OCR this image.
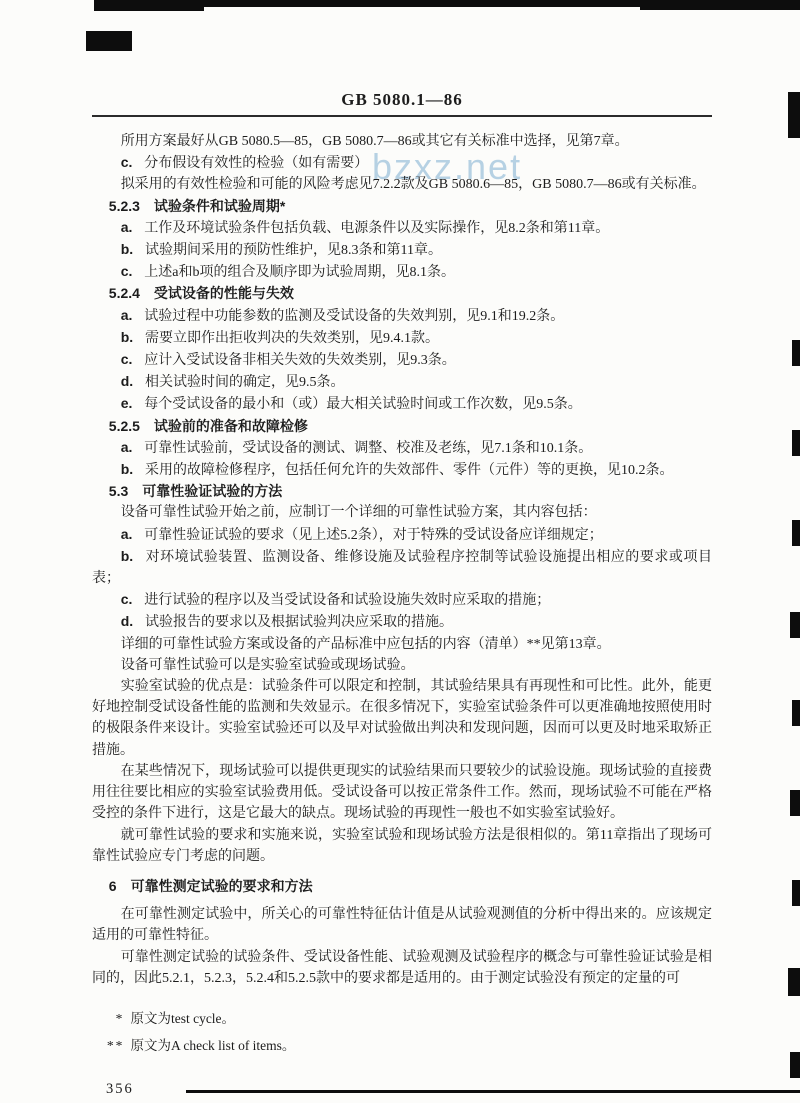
bzxz.net
GB 5080.1—86

所用方案最好从GB 5080.5—85，GB 5080.7—86或其它有关标准中选择，见第7章。

c. 分布假设有效性的检验（如有需要）

拟采用的有效性检验和可能的风险考虑见7.2.2款及GB 5080.6—85，GB 5080.7—86或有关标准。

5.2.3　试验条件和试验周期*

a. 工作及环境试验条件包括负载、电源条件以及实际操作，见8.2条和第11章。

b. 试验期间采用的预防性维护，见8.3条和第11章。

c. 上述a和b项的组合及顺序即为试验周期，见8.1条。

5.2.4　受试设备的性能与失效

a. 试验过程中功能参数的监测及受试设备的失效判别，见9.1和19.2条。

b. 需要立即作出拒收判决的失效类别，见9.4.1款。

c. 应计入受试设备非相关失效的失效类别，见9.3条。

d. 相关试验时间的确定，见9.5条。

e. 每个受试设备的最小和（或）最大相关试验时间或工作次数，见9.5条。

5.2.5　试验前的准备和故障检修

a. 可靠性试验前，受试设备的测试、调整、校准及老练，见7.1条和10.1条。

b. 采用的故障检修程序，包括任何允许的失效部件、零件（元件）等的更换，见10.2条。

5.3　可靠性验证试验的方法

设备可靠性试验开始之前，应制订一个详细的可靠性试验方案，其内容包括：

a. 可靠性验证试验的要求（见上述5.2条），对于特殊的受试设备应详细规定；

b. 对环境试验装置、监测设备、维修设施及试验程序控制等试验设施提出相应的要求或项目表；

c. 进行试验的程序以及当受试设备和试验设施失效时应采取的措施；

d. 试验报告的要求以及根据试验判决应采取的措施。

详细的可靠性试验方案或设备的产品标准中应包括的内容（清单）**见第13章。

设备可靠性试验可以是实验室试验或现场试验。

实验室试验的优点是：试验条件可以限定和控制，其试验结果具有再现性和可比性。此外，能更好地控制受试设备性能的监测和失效显示。在很多情况下，实验室试验条件可以更准确地按照使用时的极限条件来设计。实验室试验还可以及早对试验做出判决和发现问题，因而可以更及时地采取矫正措施。

在某些情况下，现场试验可以提供更现实的试验结果而只要较少的试验设施。现场试验的直接费用往往要比相应的实验室试验费用低。受试设备可以按正常条件工作。然而，现场试验不可能在严格受控的条件下进行，这是它最大的缺点。现场试验的再现性一般也不如实验室试验好。

就可靠性试验的要求和实施来说，实验室试验和现场试验方法是很相似的。第11章指出了现场可靠性试验应专门考虑的问题。

6　可靠性测定试验的要求和方法

在可靠性测定试验中，所关心的可靠性特征估计值是从试验观测值的分析中得出来的。应该规定适用的可靠性特征。

可靠性测定试验的试验条件、受试设备性能、试验观测及试验程序的概念与可靠性验证试验是相同的，因此5.2.1，5.2.3，5.2.4和5.2.5款中的要求都是适用的。由于测定试验没有预定的定量的可

* 原文为test cycle。
** 原文为A check list of items。
356
